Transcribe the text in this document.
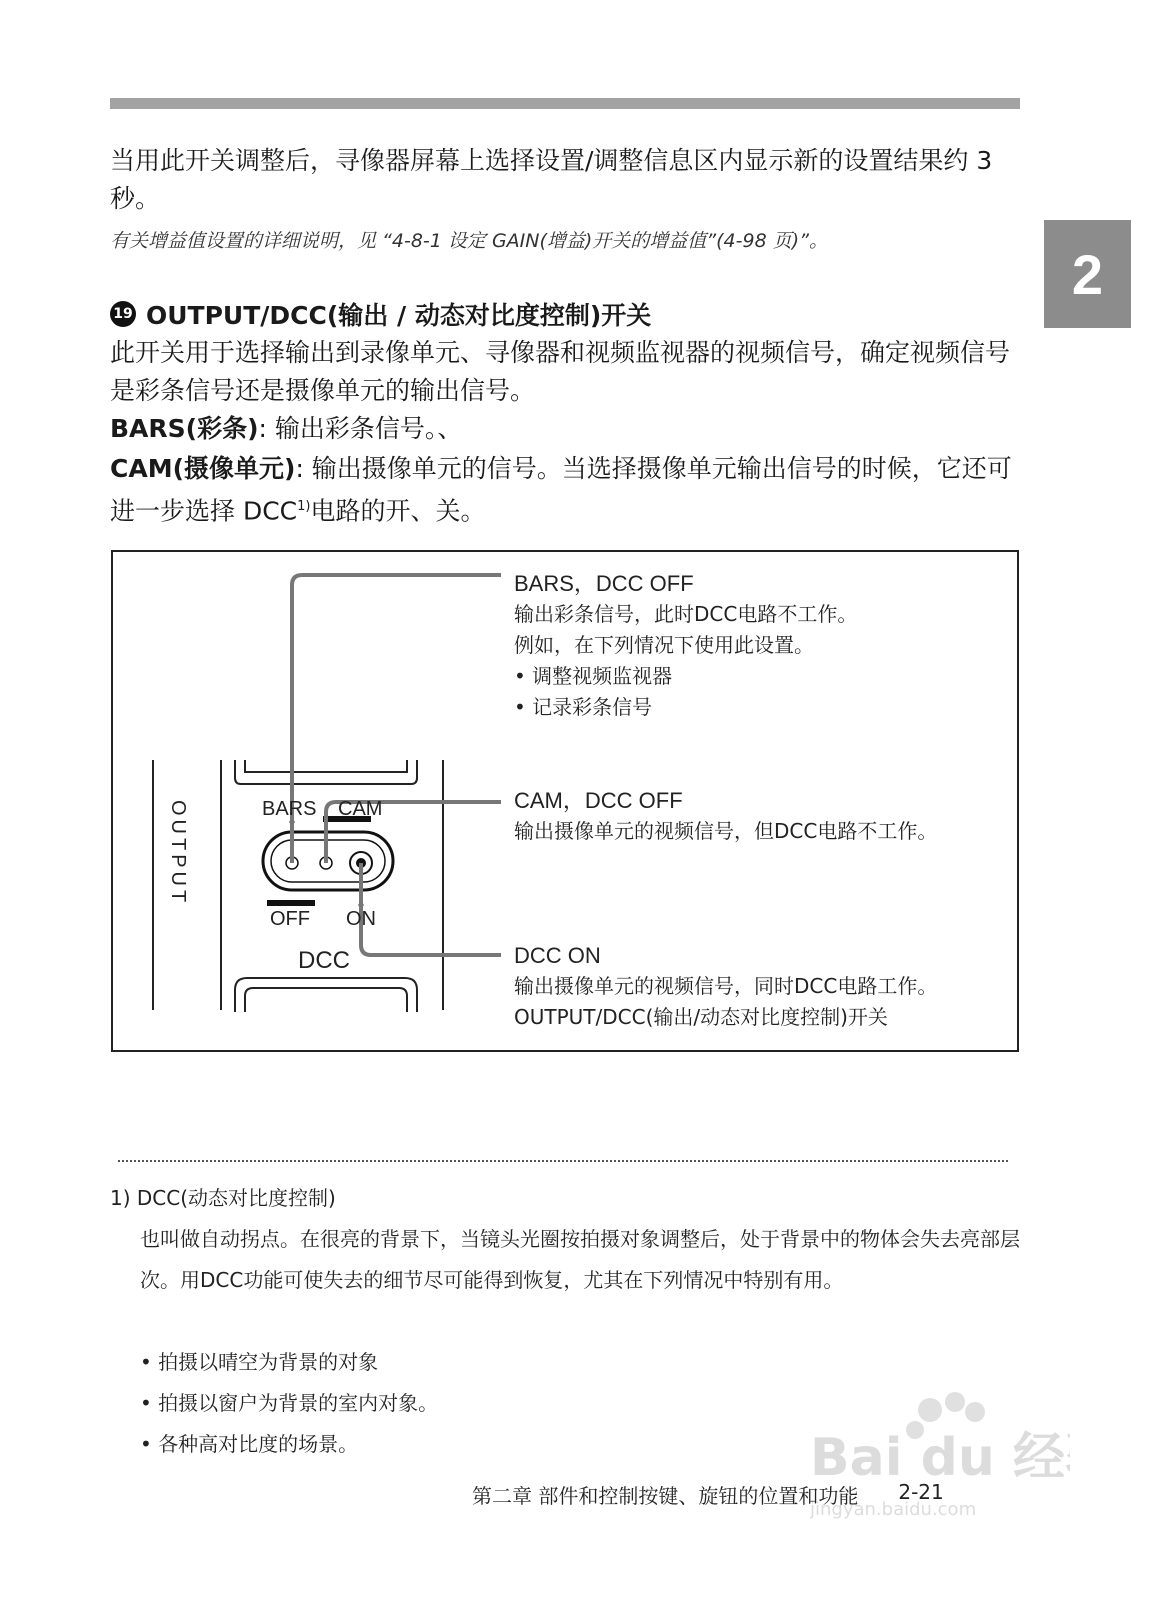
2

当用此开关调整后，寻像器屏幕上选择设置/调整信息区内显示新的设置结果约 3 秒。

有关增益值设置的详细说明，见 “4-8-1 设定 GAIN(增益)开关的增益值”(4-98 页)”。
19 OUTPUT/DCC(输出 / 动态对比度控制)开关

此开关用于选择输出到录像单元、寻像器和视频监视器的视频信号，确定视频信号是彩条信号还是摄像单元的输出信号。

BARS(彩条): 输出彩条信号。、

CAM(摄像单元): 输出摄像单元的信号。当选择摄像单元输出信号的时候，它还可进一步选择 DCC$^{1)}$电路的开、关。

OUTPUT	BARS CAM
OFF ON
DCC
BARS，DCC OFF
输出彩条信号，此时DCC电路不工作。
例如，在下列情况下使用此设置。
• 调整视频监视器
• 记录彩条信号
CAM，DCC OFF
输出摄像单元的视频信号，但DCC电路不工作。
DCC ON
输出摄像单元的视频信号，同时DCC电路工作。
OUTPUT/DCC(输出/动态对比度控制)开关
1) DCC(动态对比度控制)

也叫做自动拐点。在很亮的背景下，当镜头光圈按拍摄对象调整后，处于背景中的物体会失去亮部层次。用DCC功能可使失去的细节尽可能得到恢复，尤其在下列情况中特别有用。

• 拍摄以晴空为背景的对象
• 拍摄以窗户为背景的室内对象。
• 各种高对比度的场景。
第二章 部件和控制按键、旋钮的位置和功能 2-21
Bai du 经
jingyan.baidu.com
